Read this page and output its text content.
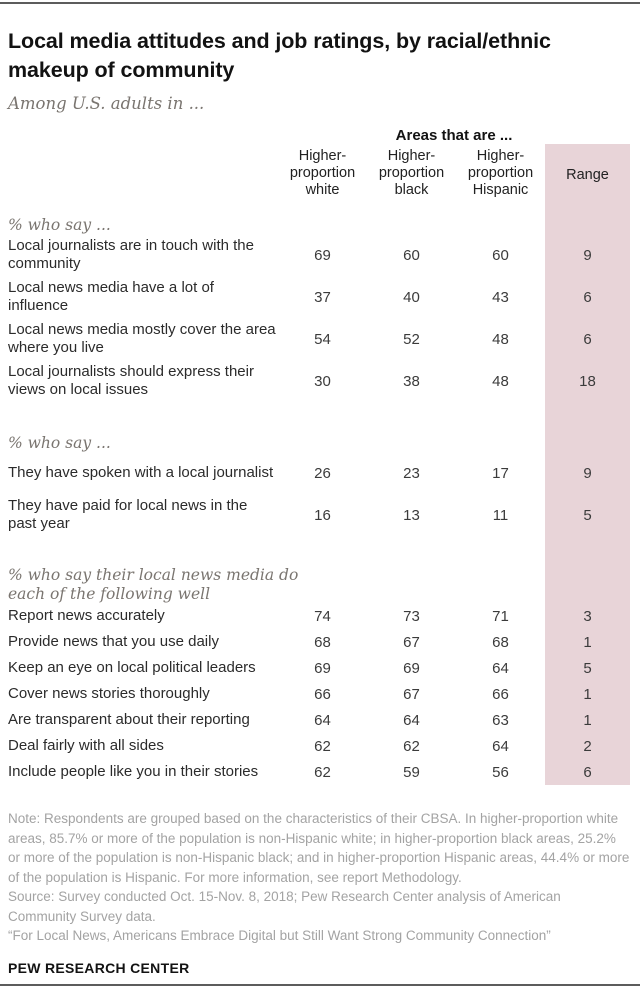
Local media attitudes and job ratings, by racial/ethnic makeup of community
Among U.S. adults in ...
	Areas that are ...			
	Higher-
proportion
white	Higher-
proportion
black	Higher-
proportion
Hispanic	Range

% who say ...				

Local journalists are in touch with the community	69	60	60	9
Local news media have a lot of influence	37	40	43	6
Local news media mostly cover the area where you live	54	52	48	6
Local journalists should express their views on local issues	30	38	48	18

% who say ...				

They have spoken with a local journalist	26	23	17	9
They have paid for local news in the past year	16	13	11	5

% who say their local news media do each of the following well				

Report news accurately	74	73	71	3
Provide news that you use daily	68	67	68	1
Keep an eye on local political leaders	69	69	64	5
Cover news stories thoroughly	66	67	66	1
Are transparent about their reporting	64	64	63	1
Deal fairly with all sides	62	62	64	2
Include people like you in their stories	62	59	56	6

Note: Respondents are grouped based on the characteristics of their CBSA. In higher-proportion white areas, 85.7% or more of the population is non-Hispanic white; in higher-proportion black areas, 25.2% or more of the population is non-Hispanic black; and in higher-proportion Hispanic areas, 44.4% or more of the population is Hispanic. For more information, see report Methodology.

Source: Survey conducted Oct. 15-Nov. 8, 2018; Pew Research Center analysis of American Community Survey data.

“For Local News, Americans Embrace Digital but Still Want Strong Community Connection”

PEW RESEARCH CENTER
